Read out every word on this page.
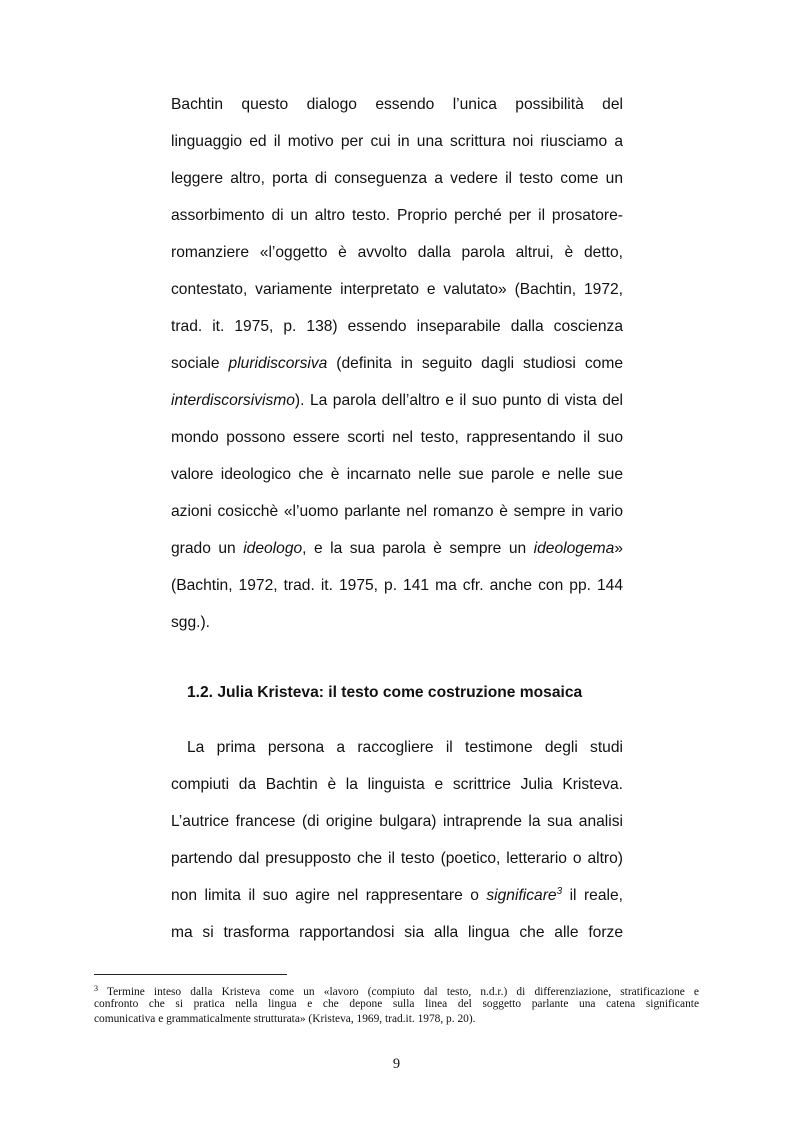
Bachtin questo dialogo essendo l’unica possibilità del
linguaggio ed il motivo per cui in una scrittura noi riusciamo a
leggere altro, porta di conseguenza a vedere il testo come un
assorbimento di un altro testo. Proprio perché per il prosatore-
romanziere «l’oggetto è avvolto dalla parola altrui, è detto,
contestato, variamente interpretato e valutato» (Bachtin, 1972,
trad. it. 1975, p. 138) essendo inseparabile dalla coscienza
sociale pluridiscorsiva (definita in seguito dagli studiosi come
interdiscorsivismo). La parola dell’altro e il suo punto di vista del
mondo possono essere scorti nel testo, rappresentando il suo
valore ideologico che è incarnato nelle sue parole e nelle sue
azioni cosicchè «l’uomo parlante nel romanzo è sempre in vario
grado un ideologo, e la sua parola è sempre un ideologema»
(Bachtin, 1972, trad. it. 1975, p. 141 ma cfr. anche con pp. 144
sgg.).
1.2. Julia Kristeva: il testo come costruzione mosaica
La prima persona a raccogliere il testimone degli studi
compiuti da Bachtin è la linguista e scrittrice Julia Kristeva.
L’autrice francese (di origine bulgara) intraprende la sua analisi
partendo dal presupposto che il testo (poetico, letterario o altro)
non limita il suo agire nel rappresentare o significare$^3$ il reale,
ma si trasforma rapportandosi sia alla lingua che alle forze
$^3$ Termine inteso dalla Kristeva come un «lavoro (compiuto dal testo, n.d.r.) di differenziazione, stratificazione e
confronto che si pratica nella lingua e che depone sulla linea del soggetto parlante una catena significante
comunicativa e grammaticalmente strutturata» (Kristeva, 1969, trad.it. 1978, p. 20).
9
